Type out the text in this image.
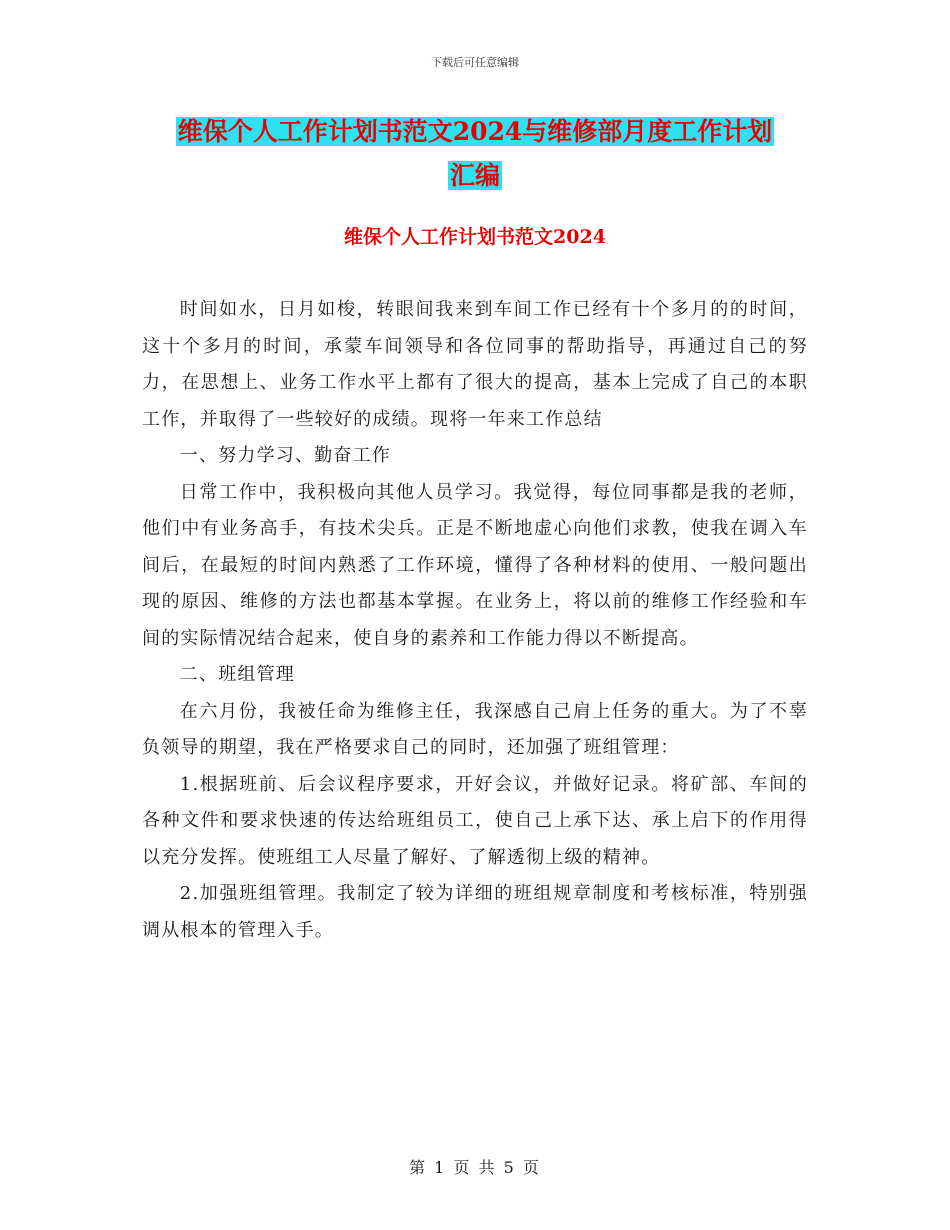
下载后可任意编辑
维保个人工作计划书范文2024与维修部月度工作计划
汇编
维保个人工作计划书范文2024

时间如水，日月如梭，转眼间我来到车间工作已经有十个多月的的时间，这十个多月的时间，承蒙车间领导和各位同事的帮助指导，再通过自己的努力，在思想上、业务工作水平上都有了很大的提高，基本上完成了自己的本职工作，并取得了一些较好的成绩。现将一年来工作总结

一、努力学习、勤奋工作

日常工作中，我积极向其他人员学习。我觉得，每位同事都是我的老师，他们中有业务高手，有技术尖兵。正是不断地虚心向他们求教，使我在调入车间后，在最短的时间内熟悉了工作环境，懂得了各种材料的使用、一般问题出现的原因、维修的方法也都基本掌握。在业务上，将以前的维修工作经验和车间的实际情况结合起来，使自身的素养和工作能力得以不断提高。

二、班组管理

在六月份，我被任命为维修主任，我深感自己肩上任务的重大。为了不辜负领导的期望，我在严格要求自己的同时，还加强了班组管理：

1.根据班前、后会议程序要求，开好会议，并做好记录。将矿部、车间的各种文件和要求快速的传达给班组员工，使自己上承下达、承上启下的作用得以充分发挥。使班组工人尽量了解好、了解透彻上级的精神。

2.加强班组管理。我制定了较为详细的班组规章制度和考核标准，特别强调从根本的管理入手。

第 1 页 共 5 页
